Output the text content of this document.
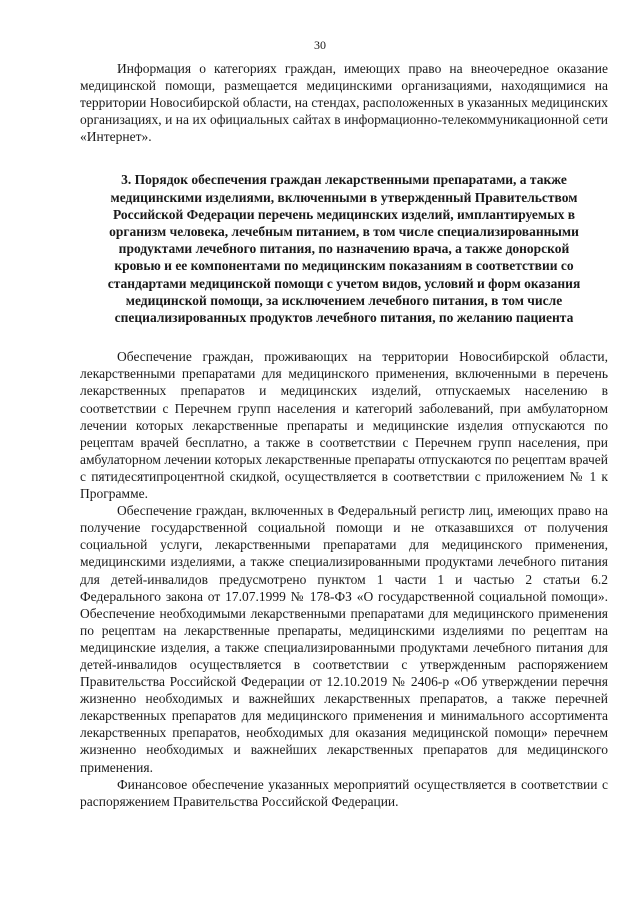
30

Информация о категориях граждан, имеющих право на внеочередное оказание медицинской помощи, размещается медицинскими организациями, находящимися на территории Новосибирской области, на стендах, расположенных в указанных медицинских организациях, и на их официальных сайтах в информационно-телекоммуникационной сети «Интернет».

3. Порядок обеспечения граждан лекарственными препаратами, а также
медицинскими изделиями, включенными в утвержденный Правительством
Российской Федерации перечень медицинских изделий, имплантируемых в
организм человека, лечебным питанием, в том числе специализированными
продуктами лечебного питания, по назначению врача, а также донорской
кровью и ее компонентами по медицинским показаниям в соответствии со
стандартами медицинской помощи с учетом видов, условий и форм оказания
медицинской помощи, за исключением лечебного питания, в том числе
специализированных продуктов лечебного питания, по желанию пациента

Обеспечение граждан, проживающих на территории Новосибирской области, лекарственными препаратами для медицинского применения, включенными в перечень лекарственных препаратов и медицинских изделий, отпускаемых населению в соответствии с Перечнем групп населения и категорий заболеваний, при амбулаторном лечении которых лекарственные препараты и медицинские изделия отпускаются по рецептам врачей бесплатно, а также в соответствии с Перечнем групп населения, при амбулаторном лечении которых лекарственные препараты отпускаются по рецептам врачей с пятидесятипроцентной скидкой, осуществляется в соответствии с приложением № 1 к Программе.

Обеспечение граждан, включенных в Федеральный регистр лиц, имеющих право на получение государственной социальной помощи и не отказавшихся от получения социальной услуги, лекарственными препаратами для медицинского применения, медицинскими изделиями, а также специализированными продуктами лечебного питания для детей-инвалидов предусмотрено пунктом 1 части 1 и частью 2 статьи 6.2 Федерального закона от 17.07.1999 № 178-ФЗ «О государственной социальной помощи». Обеспечение необходимыми лекарственными препаратами для медицинского применения по рецептам на лекарственные препараты, медицинскими изделиями по рецептам на медицинские изделия, а также специализированными продуктами лечебного питания для детей-инвалидов осуществляется в соответствии с утвержденным распоряжением Правительства Российской Федерации от 12.10.2019 № 2406-р «Об утверждении перечня жизненно необходимых и важнейших лекарственных препаратов, а также перечней лекарственных препаратов для медицинского применения и минимального ассортимента лекарственных препаратов, необходимых для оказания медицинской помощи» перечнем жизненно необходимых и важнейших лекарственных препаратов для медицинского применения.

Финансовое обеспечение указанных мероприятий осуществляется в соответствии с распоряжением Правительства Российской Федерации.
